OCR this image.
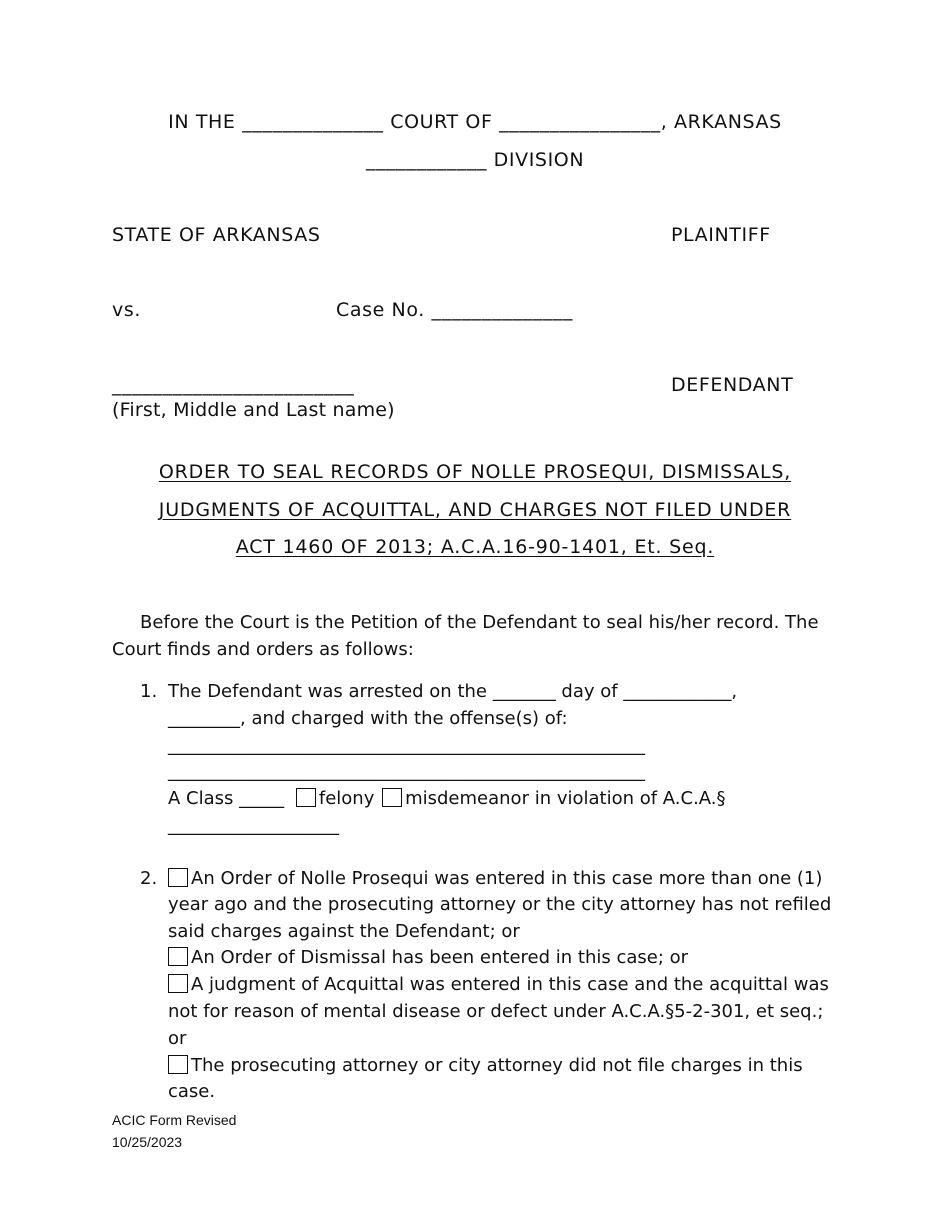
IN THE ______________ COURT OF ________________, ARKANSAS
____________ DIVISION
STATE OF ARKANSAS	PLAINTIFF
vs.	Case No. ______________
________________________	DEFENDANT
(First, Middle and Last name)
ORDER TO SEAL RECORDS OF NOLLE PROSEQUI, DISMISSALS,
JUDGMENTS OF ACQUITTAL, AND CHARGES NOT FILED UNDER
ACT 1460 OF 2013; A.C.A.16-90-1401, Et. Seq.
Before the Court is the Petition of the Defendant to seal his/her record. The
Court finds and orders as follows:
1. The Defendant was arrested on the _______ day of ____________,
________, and charged with the offense(s) of:
_____________________________________________________
_____________________________________________________
A Class _____ felony misdemeanor in violation of A.C.A.§
___________________
2.	An Order of Nolle Prosequi was entered in this case more than one (1)
year ago and the prosecuting attorney or the city attorney has not refiled
said charges against the Defendant; or
An Order of Dismissal has been entered in this case; or
A judgment of Acquittal was entered in this case and the acquittal was
not for reason of mental disease or defect under A.C.A.§5-2-301, et seq.;
or
The prosecuting attorney or city attorney did not file charges in this
case.
ACIC Form Revised
10/25/2023
